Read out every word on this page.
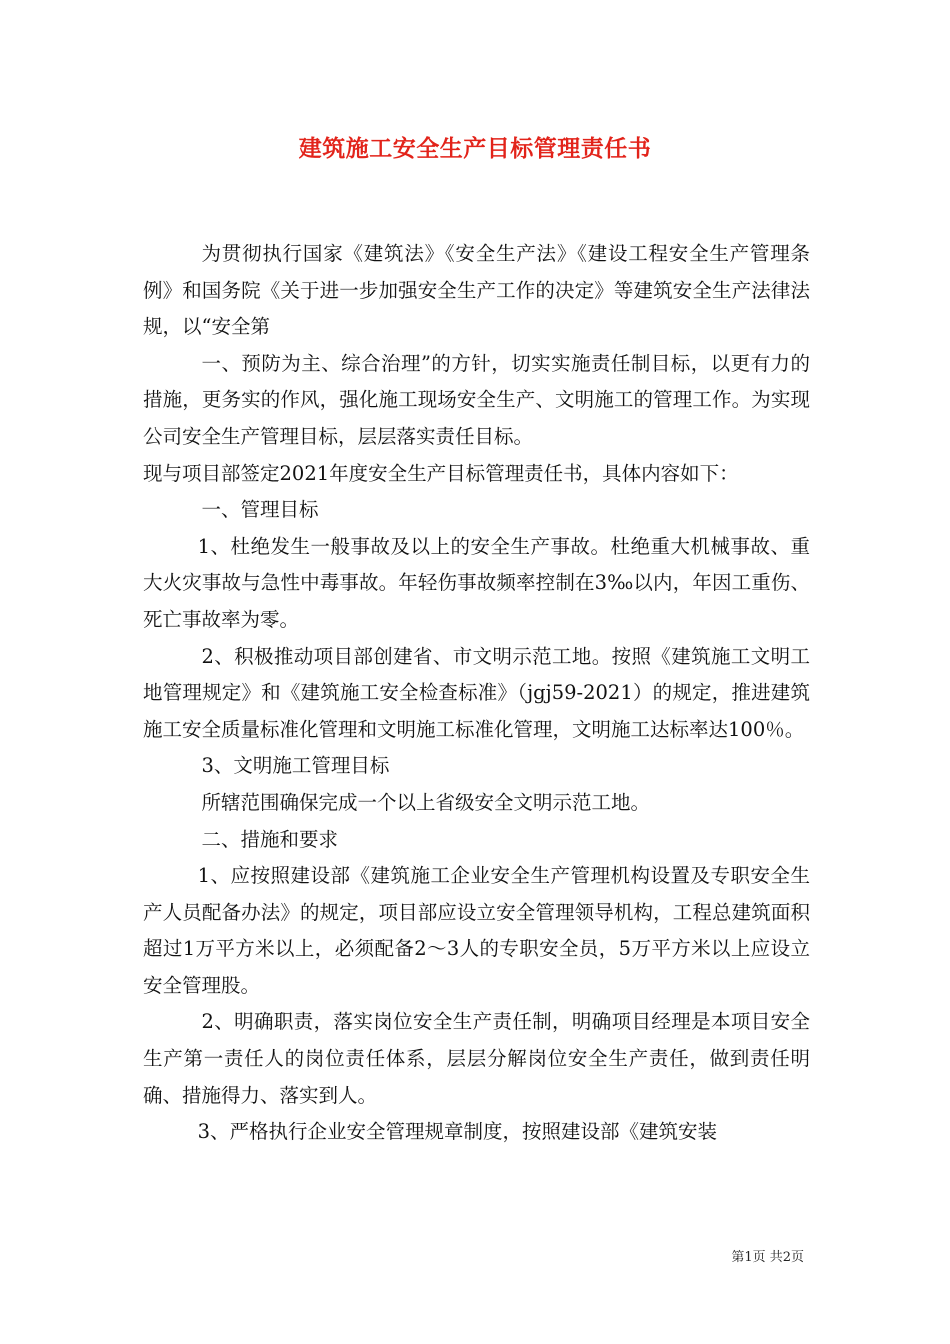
建筑施工安全生产目标管理责任书

为贯彻执行国家《建筑法》《安全生产法》《建设工程安全生产管理条例》和国务院《关于进一步加强安全生产工作的决定》等建筑安全生产法律法规，以“安全第

一、预防为主、综合治理”的方针，切实实施责任制目标，以更有力的措施，更务实的作风，强化施工现场安全生产、文明施工的管理工作。为实现公司安全生产管理目标，层层落实责任目标。

现与项目部签定2021年度安全生产目标管理责任书，具体内容如下：

一、管理目标

1、杜绝发生一般事故及以上的安全生产事故。杜绝重大机械事故、重大火灾事故与急性中毒事故。年轻伤事故频率控制在3‰以内，年因工重伤、死亡事故率为零。

2、积极推动项目部创建省、市文明示范工地。按照《建筑施工文明工地管理规定》和《建筑施工安全检查标准》（jgj59-2021）的规定，推进建筑施工安全质量标准化管理和文明施工标准化管理，文明施工达标率达100％。

3、文明施工管理目标

所辖范围确保完成一个以上省级安全文明示范工地。

二、措施和要求

1、应按照建设部《建筑施工企业安全生产管理机构设置及专职安全生产人员配备办法》的规定，项目部应设立安全管理领导机构，工程总建筑面积超过1万平方米以上，必须配备2～3人的专职安全员，5万平方米以上应设立安全管理股。

2、明确职责，落实岗位安全生产责任制，明确项目经理是本项目安全生产第一责任人的岗位责任体系，层层分解岗位安全生产责任，做到责任明确、措施得力、落实到人。

3、严格执行企业安全管理规章制度，按照建设部《建筑安装

第1页 共2页
